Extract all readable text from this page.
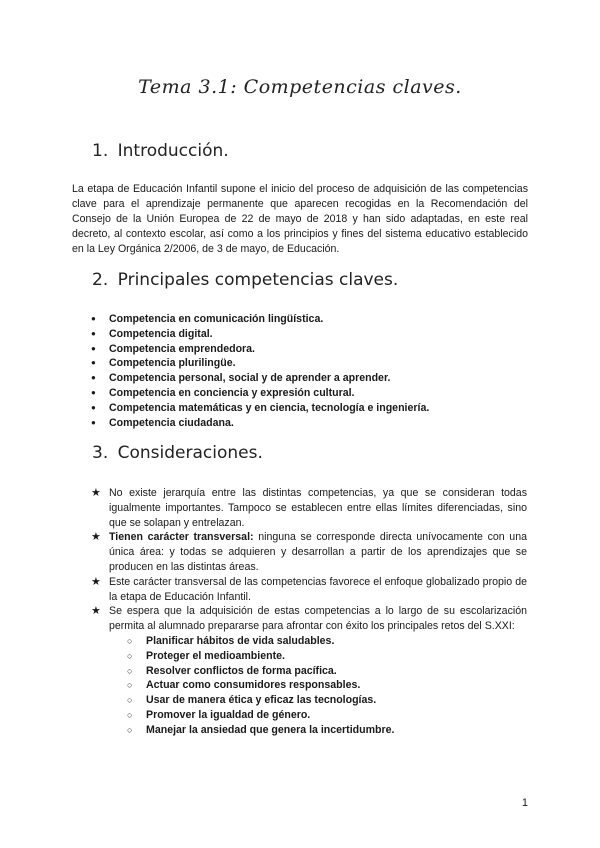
Tema 3.1: Competencias claves.
1. Introducción.

La etapa de Educación Infantil supone el inicio del proceso de adquisición de las competencias clave para el aprendizaje permanente que aparecen recogidas en la Recomendación del Consejo de la Unión Europea de 22 de mayo de 2018 y han sido adaptadas, en este real decreto, al contexto escolar, así como a los principios y fines del sistema educativo establecido en la Ley Orgánica 2/2006, de 3 de mayo, de Educación.

2. Principales competencias claves.
● Competencia en comunicación lingüística.
● Competencia digital.
● Competencia emprendedora.
● Competencia plurilingüe.
● Competencia personal, social y de aprender a aprender.
● Competencia en conciencia y expresión cultural.
● Competencia matemáticas y en ciencia, tecnología e ingeniería.
● Competencia ciudadana.
3. Consideraciones.
★ No existe jerarquía entre las distintas competencias, ya que se consideran todas igualmente importantes. Tampoco se establecen entre ellas límites diferenciadas, sino que se solapan y entrelazan.
★ Tienen carácter transversal: ninguna se corresponde directa unívocamente con una única área: y todas se adquieren y desarrollan a partir de los aprendizajes que se producen en las distintas áreas.
★ Este carácter transversal de las competencias favorece el enfoque globalizado propio de la etapa de Educación Infantil.
★ Se espera que la adquisición de estas competencias a lo largo de su escolarización permita al alumnado prepararse para afrontar con éxito los principales retos del S.XXI:
○ Planificar hábitos de vida saludables.
○ Proteger el medioambiente.
○ Resolver conflictos de forma pacífica.
○ Actuar como consumidores responsables.
○ Usar de manera ética y eficaz las tecnologías.
○ Promover la igualdad de género.
○ Manejar la ansiedad que genera la incertidumbre.
1
